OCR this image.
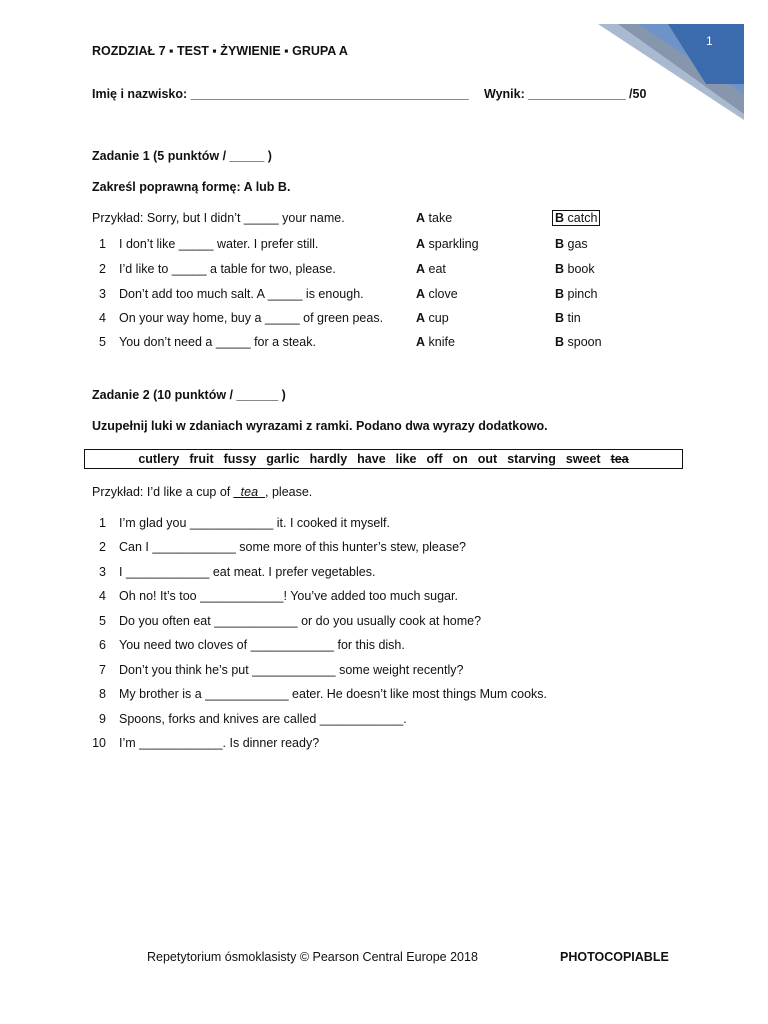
1
ROZDZIAŁ 7 ▪ TEST ▪ ŻYWIENIE ▪ GRUPA A
Imię i nazwisko: ________________________________________ Wynik: ______________ /50
Zadanie 1 (5 punktów / _____ )
Zakreśl poprawną formę: A lub B.
Przykład: Sorry, but I didn’t _____ your name.	A take	B catch
1 I don’t like _____ water. I prefer still.	A sparkling	B gas
2 I’d like to _____ a table for two, please.	A eat	B book
3 Don’t add too much salt. A _____ is enough.	A clove	B pinch
4 On your way home, buy a _____ of green peas.	A cup	B tin
5 You don’t need a _____ for a steak.	A knife	B spoon
Zadanie 2 (10 punktów / ______ )
Uzupełnij luki w zdaniach wyrazami z ramki. Podano dwa wyrazy dodatkowo.
cutlery fruit fussy garlic hardly have like off on out starving sweet tea
Przykład: I’d like a cup of _tea_, please.
1 I’m glad you ____________ it. I cooked it myself.
2 Can I ____________ some more of this hunter’s stew, please?
3 I ____________ eat meat. I prefer vegetables.
4 Oh no! It’s too ____________! You’ve added too much sugar.
5 Do you often eat ____________ or do you usually cook at home?
6 You need two cloves of ____________ for this dish.
7 Don’t you think he’s put ____________ some weight recently?
8 My brother is a ____________ eater. He doesn’t like most things Mum cooks.
9 Spoons, forks and knives are called ____________.
10 I’m ____________. Is dinner ready?
Repetytorium ósmoklasisty © Pearson Central Europe 2018	PHOTOCOPIABLE
